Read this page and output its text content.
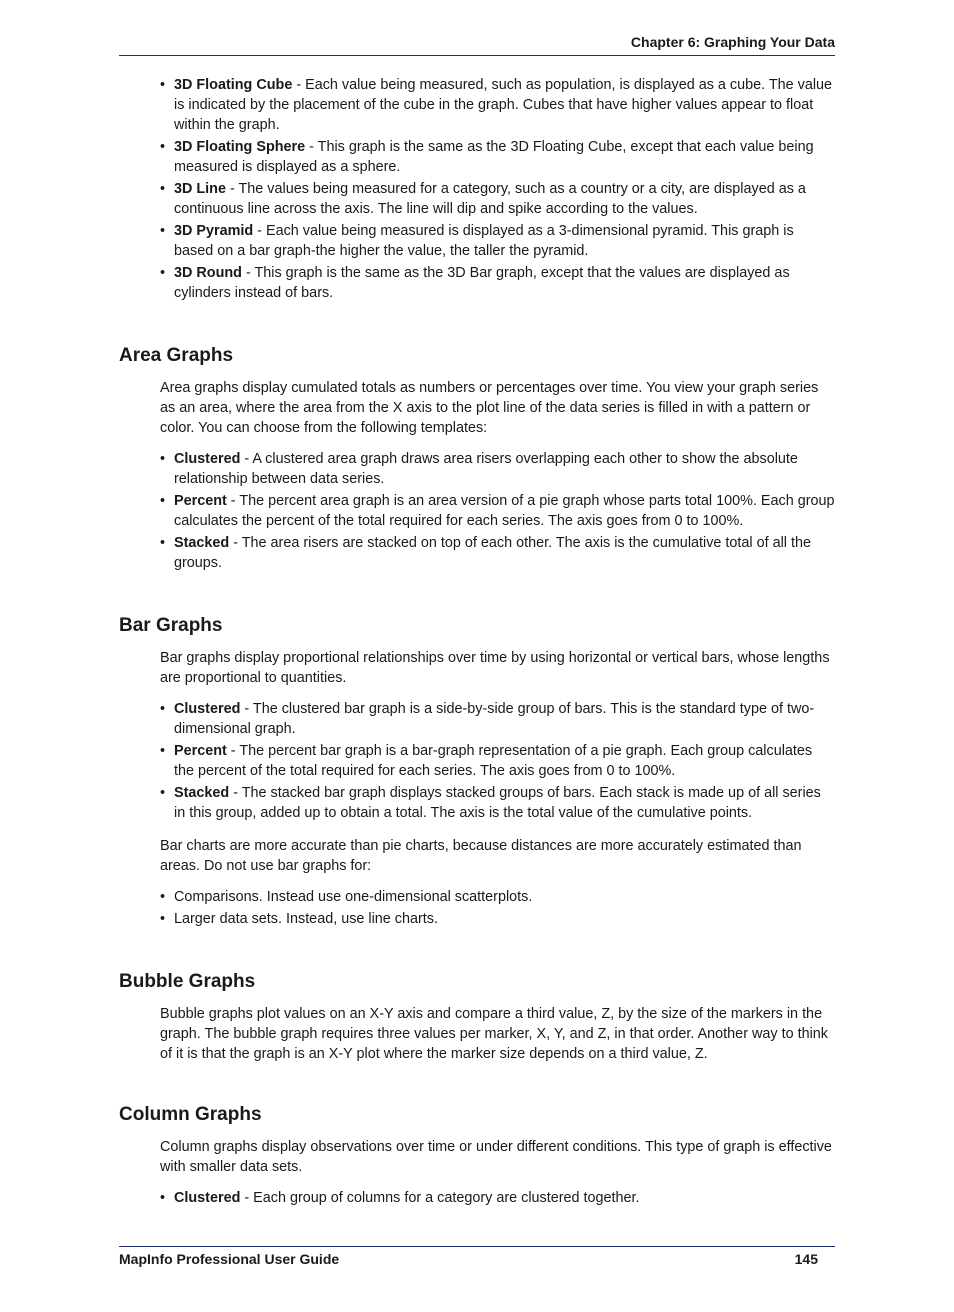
Chapter 6: Graphing Your Data
• 3D Floating Cube - Each value being measured, such as population, is displayed as a cube. The value is indicated by the placement of the cube in the graph. Cubes that have higher values appear to float within the graph.
• 3D Floating Sphere - This graph is the same as the 3D Floating Cube, except that each value being measured is displayed as a sphere.
• 3D Line - The values being measured for a category, such as a country or a city, are displayed as a continuous line across the axis. The line will dip and spike according to the values.
• 3D Pyramid - Each value being measured is displayed as a 3-dimensional pyramid. This graph is based on a bar graph-the higher the value, the taller the pyramid.
• 3D Round - This graph is the same as the 3D Bar graph, except that the values are displayed as cylinders instead of bars.
Area Graphs

Area graphs display cumulated totals as numbers or percentages over time. You view your graph series as an area, where the area from the X axis to the plot line of the data series is filled in with a pattern or color. You can choose from the following templates:

• Clustered - A clustered area graph draws area risers overlapping each other to show the absolute relationship between data series.
• Percent - The percent area graph is an area version of a pie graph whose parts total 100%. Each group calculates the percent of the total required for each series. The axis goes from 0 to 100%.
• Stacked - The area risers are stacked on top of each other. The axis is the cumulative total of all the groups.
Bar Graphs

Bar graphs display proportional relationships over time by using horizontal or vertical bars, whose lengths are proportional to quantities.

• Clustered - The clustered bar graph is a side-by-side group of bars. This is the standard type of two-dimensional graph.
• Percent - The percent bar graph is a bar-graph representation of a pie graph. Each group calculates the percent of the total required for each series. The axis goes from 0 to 100%.
• Stacked - The stacked bar graph displays stacked groups of bars. Each stack is made up of all series in this group, added up to obtain a total. The axis is the total value of the cumulative points.

Bar charts are more accurate than pie charts, because distances are more accurately estimated than areas. Do not use bar graphs for:

• Comparisons. Instead use one-dimensional scatterplots.
• Larger data sets. Instead, use line charts.
Bubble Graphs

Bubble graphs plot values on an X-Y axis and compare a third value, Z, by the size of the markers in the graph. The bubble graph requires three values per marker, X, Y, and Z, in that order. Another way to think of it is that the graph is an X-Y plot where the marker size depends on a third value, Z.

Column Graphs

Column graphs display observations over time or under different conditions. This type of graph is effective with smaller data sets.

• Clustered - Each group of columns for a category are clustered together.
MapInfo Professional User Guide	145
